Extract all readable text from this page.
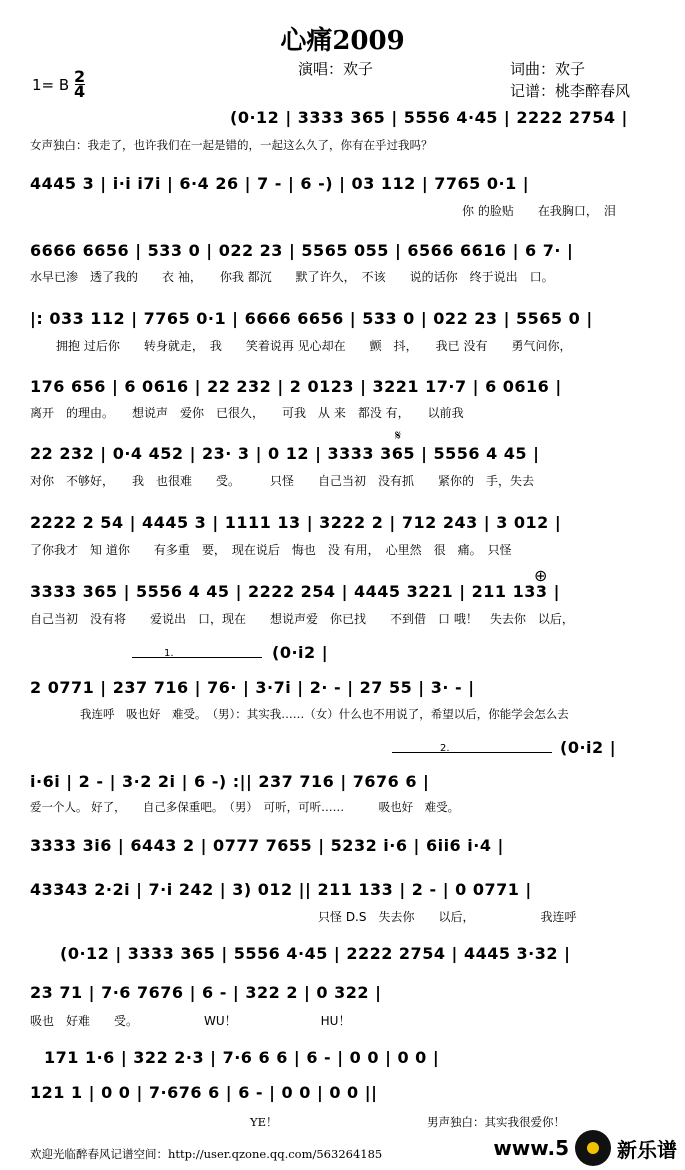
心痛2009
演唱：欢子	词曲：欢子
记谱：桃李醉春风
1= B $\frac{2}{4}$
(0·12 | 3333 365 | 5556 4·45 | 2222 2754 |
女声独白：我走了，也许我们在一起是错的，一起这么久了，你有在乎过我吗？
4445 3 | i·i i7i | 6·4 26 | 7 - | 6 -) | 03 112 | 7765 0·1 |
你 的脸贴　　在我胸口，　泪
6666 6656 | 533 0 | 022 23 | 5565 055 | 6566 6616 | 6 7· |
水早已渗　透了我的　　衣 袖，　　你我 都沉　　默了许久，　不该　　说的话你　终于说出　口。
|: 033 112 | 7765 0·1 | 6666 6656 | 533 0 | 022 23 | 5565 0 |
拥抱 过后你　　转身就走，　我　　笑着说再 见心却在　　颤　抖，　　我已 没有　　勇气问你，
176 656 | 6 0616 | 22 232 | 2 0123 | 3221 17·7 | 6 0616 |
离开　的理由。　　想说声　爱你　已很久，　　可我　从 来　都没 有，　　以前我
22 232 | 0·4 452 | 23· 3 | 0 12 | 3333 365 | 5556 4 45 |
对你　不够好，　　我　也很难　　受。　　　只怪　　自己当初　没有抓　　紧你的　手，失去
𝄋
2222 2 54 | 4445 3 | 1111 13 | 3222 2 | 712 243 | 3 012 |
了你我才　知 道你　　有多重　要，　现在说后　悔也　没 有用，　心里然　很　痛。　只怪
3333 365 | 5556 4 45 | 2222 254 | 4445 3221 | 211 133 |
自己当初　没有将　　爱说出　口，现在　　想说声爱　你已找　　不到借　口 哦！　失去你　以后，
⊕
1.	(0·i2 |
2 0771 | 237 716 | 76· | 3·7i | 2· - | 27 55 | 3· - |
我连呼　吸也好　难受。　（男）：其实我……（女）什么也不用说了，希望以后，你能学会怎么去
2.	(0·i2 |
i·6i | 2 - | 3·2 2i | 6 -) :|| 237 716 | 7676 6 |
爱一个人。 好了，　　自己多保重吧。　（男）　可听，可听……　　　吸也好　难受。
3333 3i6 | 6443 2 | 0777 7655 | 5232 i·6 | 6ii6 i·4 |
43343 2·2i | 7·i 242 | 3) 012 || 211 133 | 2 - | 0 0771 |
只怪 D.S　失去你　　以后，　　　　　　我连呼
(0·12 | 3333 365 | 5556 4·45 | 2222 2754 | 4445 3·32 |
23 71 | 7·6 7676 | 6 - | 322 2 | 0 322 |
吸也　好难　　受。　　　　　　WU！　　　　　　　HU！
171 1·6 | 322 2·3 | 7·6 6 6 | 6 - | 0 0 | 0 0 |
121 1 | 0 0 | 7·676 6 | 6 - | 0 0 | 0 0 ||
YE！　　　　　　　　　　　　　男声独白：其实我很爱你！
欢迎光临醉春风记谱空间：http://user.qzone.qq.com/563264185	www.5 新乐谱
